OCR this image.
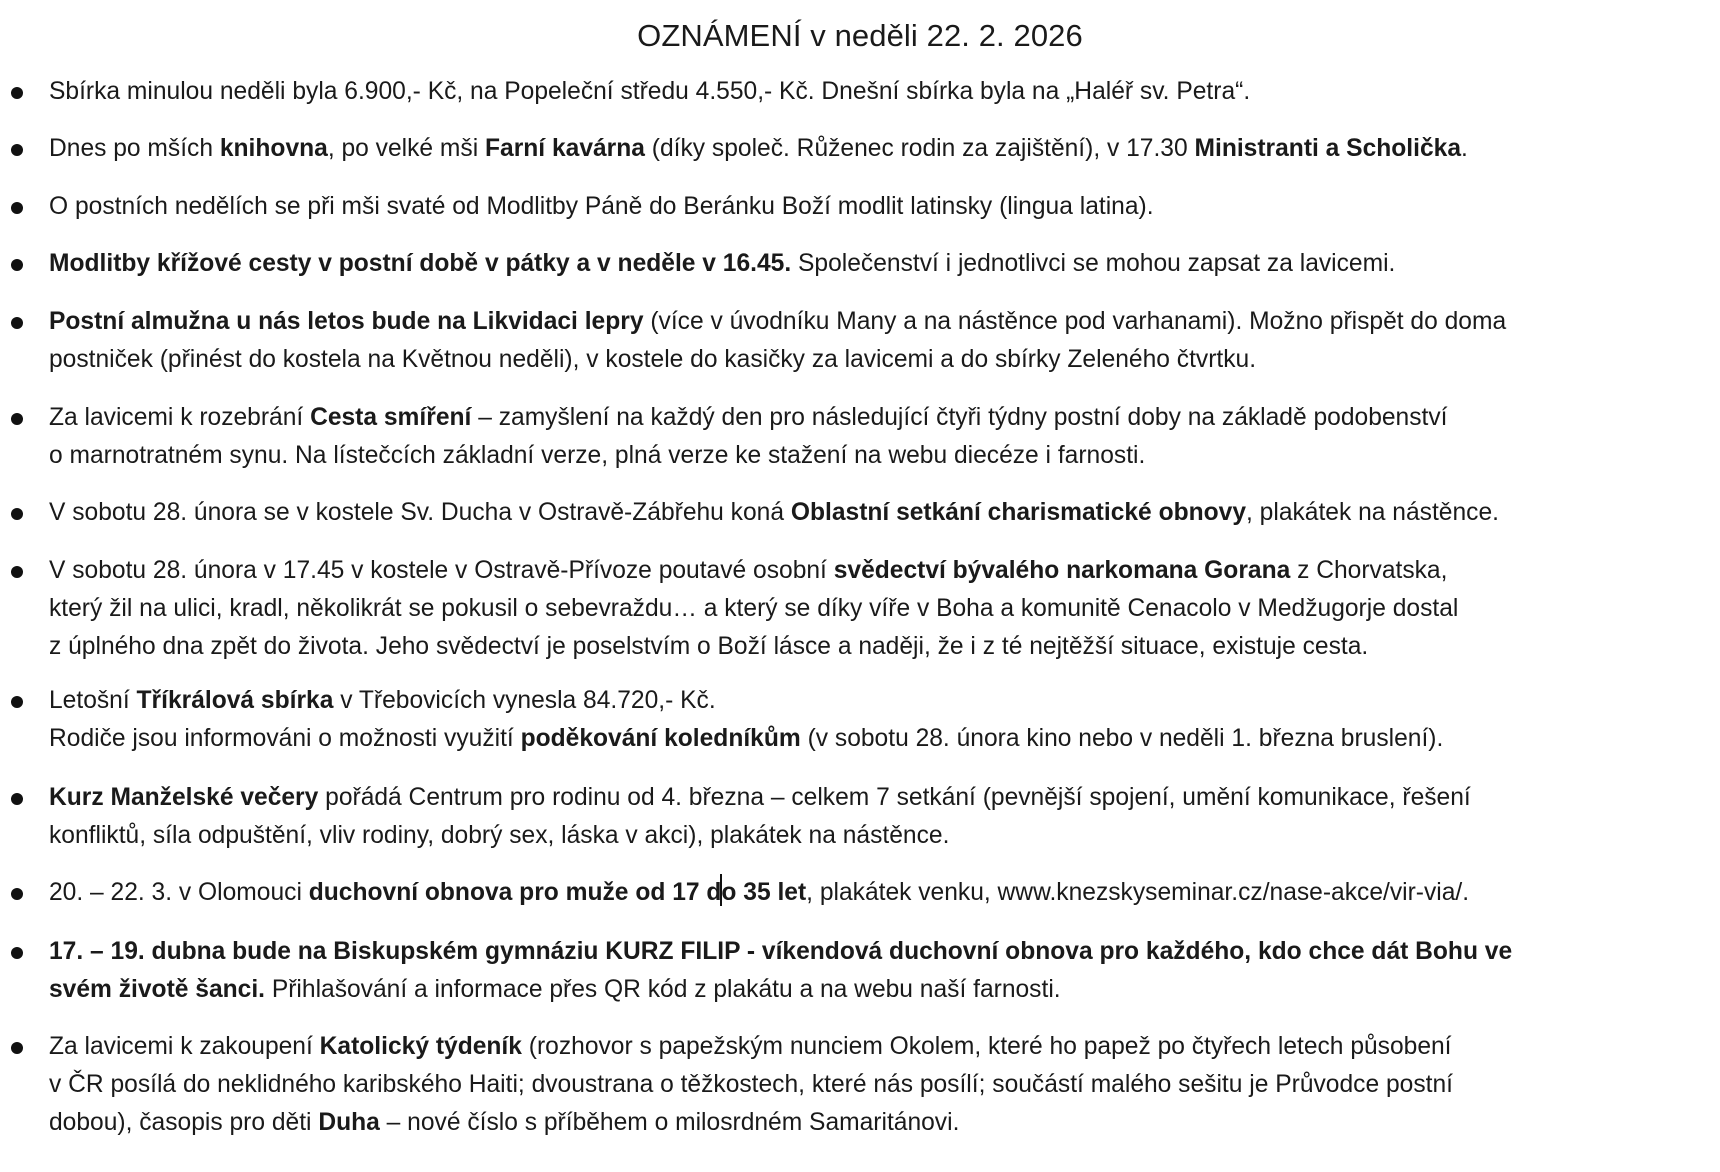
OZNÁMENÍ v neděli 22. 2. 2026
Sbírka minulou neděli byla 6.900,- Kč, na Popeleční středu 4.550,- Kč. Dnešní sbírka byla na „Haléř sv. Petra“.
Dnes po mších knihovna, po velké mši Farní kavárna (díky společ. Růženec rodin za zajištění), v 17.30 Ministranti a Scholička.
O postních nedělích se při mši svaté od Modlitby Páně do Beránku Boží modlit latinsky (lingua latina).
Modlitby křížové cesty v postní době v pátky a v neděle v 16.45. Společenství i jednotlivci se mohou zapsat za lavicemi.
Postní almužna u nás letos bude na Likvidaci lepry (více v úvodníku Many a na nástěnce pod varhanami). Možno přispět do doma
postniček (přinést do kostela na Květnou neděli), v kostele do kasičky za lavicemi a do sbírky Zeleného čtvrtku.
Za lavicemi k rozebrání Cesta smíření – zamyšlení na každý den pro následující čtyři týdny postní doby na základě podobenství
o marnotratném synu. Na lístečcích základní verze, plná verze ke stažení na webu diecéze i farnosti.
V sobotu 28. února se v kostele Sv. Ducha v Ostravě-Zábřehu koná Oblastní setkání charismatické obnovy, plakátek na nástěnce.
V sobotu 28. února v 17.45 v kostele v Ostravě-Přívoze poutavé osobní svědectví bývalého narkomana Gorana z Chorvatska,
který žil na ulici, kradl, několikrát se pokusil o sebevraždu… a který se díky víře v Boha a komunitě Cenacolo v Medžugorje dostal
z úplného dna zpět do života. Jeho svědectví je poselstvím o Boží lásce a naději, že i z té nejtěžší situace, existuje cesta.
Letošní Tříkrálová sbírka v Třebovicích vynesla 84.720,- Kč.
Rodiče jsou informováni o možnosti využití poděkování koledníkům (v sobotu 28. února kino nebo v neděli 1. března bruslení).
Kurz Manželské večery pořádá Centrum pro rodinu od 4. března – celkem 7 setkání (pevnější spojení, umění komunikace, řešení
konfliktů, síla odpuštění, vliv rodiny, dobrý sex, láska v akci), plakátek na nástěnce.
20. – 22. 3. v Olomouci duchovní obnova pro muže od 17 do 35 let, plakátek venku, www.knezskyseminar.cz/nase-akce/vir-via/.
17. – 19. dubna bude na Biskupském gymnáziu KURZ FILIP - víkendová duchovní obnova pro každého, kdo chce dát Bohu ve
svém životě šanci. Přihlašování a informace přes QR kód z plakátu a na webu naší farnosti.
Za lavicemi k zakoupení Katolický týdeník (rozhovor s papežským nunciem Okolem, které ho papež po čtyřech letech působení
v ČR posílá do neklidného karibského Haiti; dvoustrana o těžkostech, které nás posílí; součástí malého sešitu je Průvodce postní
dobou), časopis pro děti Duha – nové číslo s příběhem o milosrdném Samaritánovi.
